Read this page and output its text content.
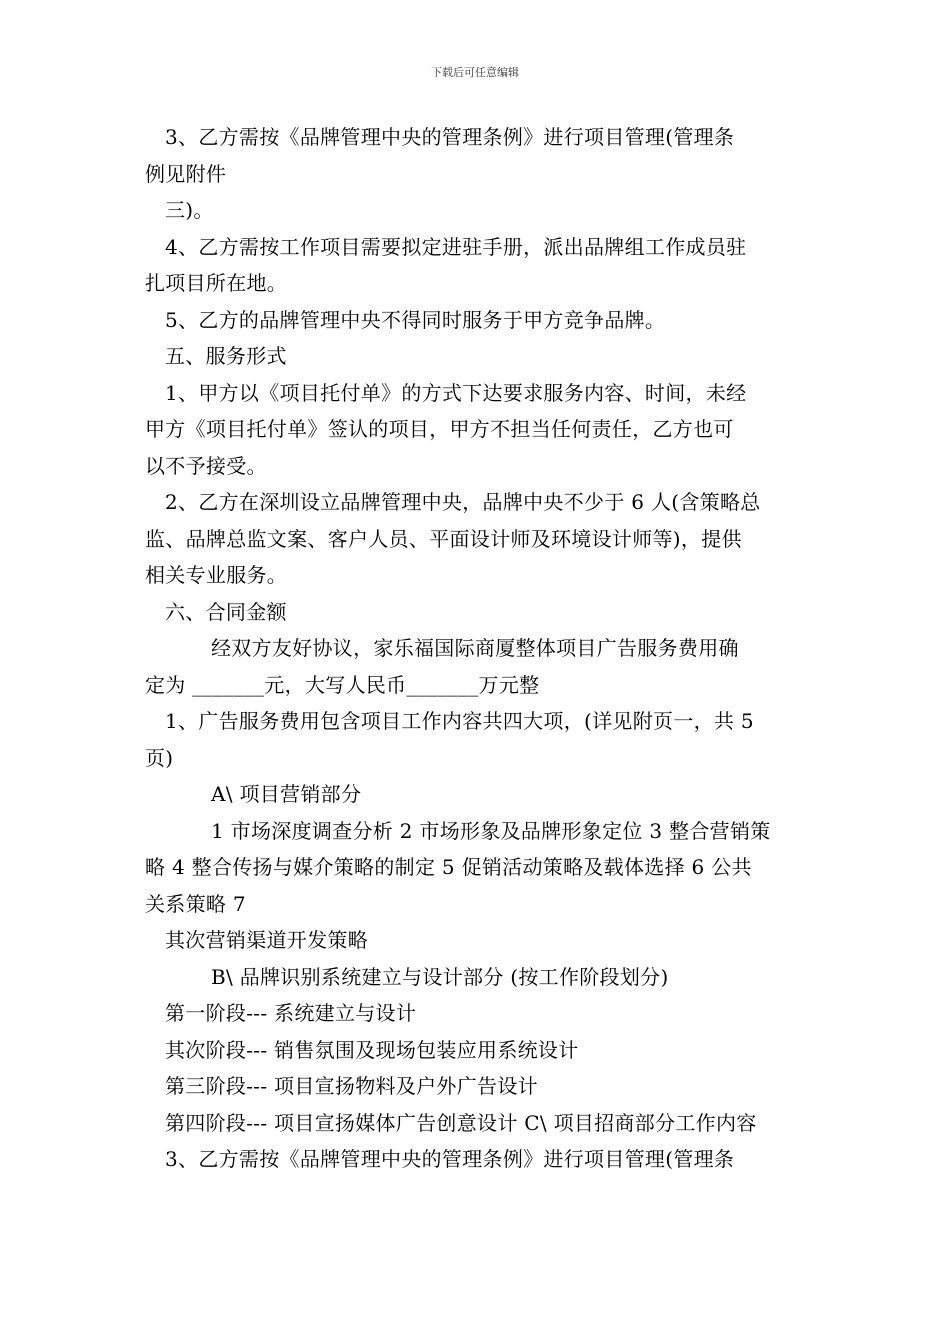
下载后可任意编辑

3、乙方需按《品牌管理中央的管理条例》进行项目管理(管理条

例见附件

三)。

4、乙方需按工作项目需要拟定进驻手册，派出品牌组工作成员驻

扎项目所在地。

5、乙方的品牌管理中央不得同时服务于甲方竞争品牌。

五、服务形式

1、甲方以《项目托付单》的方式下达要求服务内容、时间，未经

甲方《项目托付单》签认的项目，甲方不担当任何责任，乙方也可

以不予接受。

2、乙方在深圳设立品牌管理中央，品牌中央不少于 6 人(含策略总

监、品牌总监文案、客户人员、平面设计师及环境设计师等)，提供

相关专业服务。

六、合同金额

经双方友好协议，家乐福国际商厦整体项目广告服务费用确

定为 _______元，大写人民币_______万元整

1、广告服务费用包含项目工作内容共四大项，(详见附页一，共 5

页)

A\ 项目营销部分

1 市场深度调查分析 2 市场形象及品牌形象定位 3 整合营销策

略 4 整合传扬与媒介策略的制定 5 促销活动策略及载体选择 6 公共

关系策略 7

其次营销渠道开发策略

B\ 品牌识别系统建立与设计部分 (按工作阶段划分)

第一阶段--- 系统建立与设计

其次阶段--- 销售氛围及现场包装应用系统设计

第三阶段--- 项目宣扬物料及户外广告设计

第四阶段--- 项目宣扬媒体广告创意设计 C\ 项目招商部分工作内容

3、乙方需按《品牌管理中央的管理条例》进行项目管理(管理条
